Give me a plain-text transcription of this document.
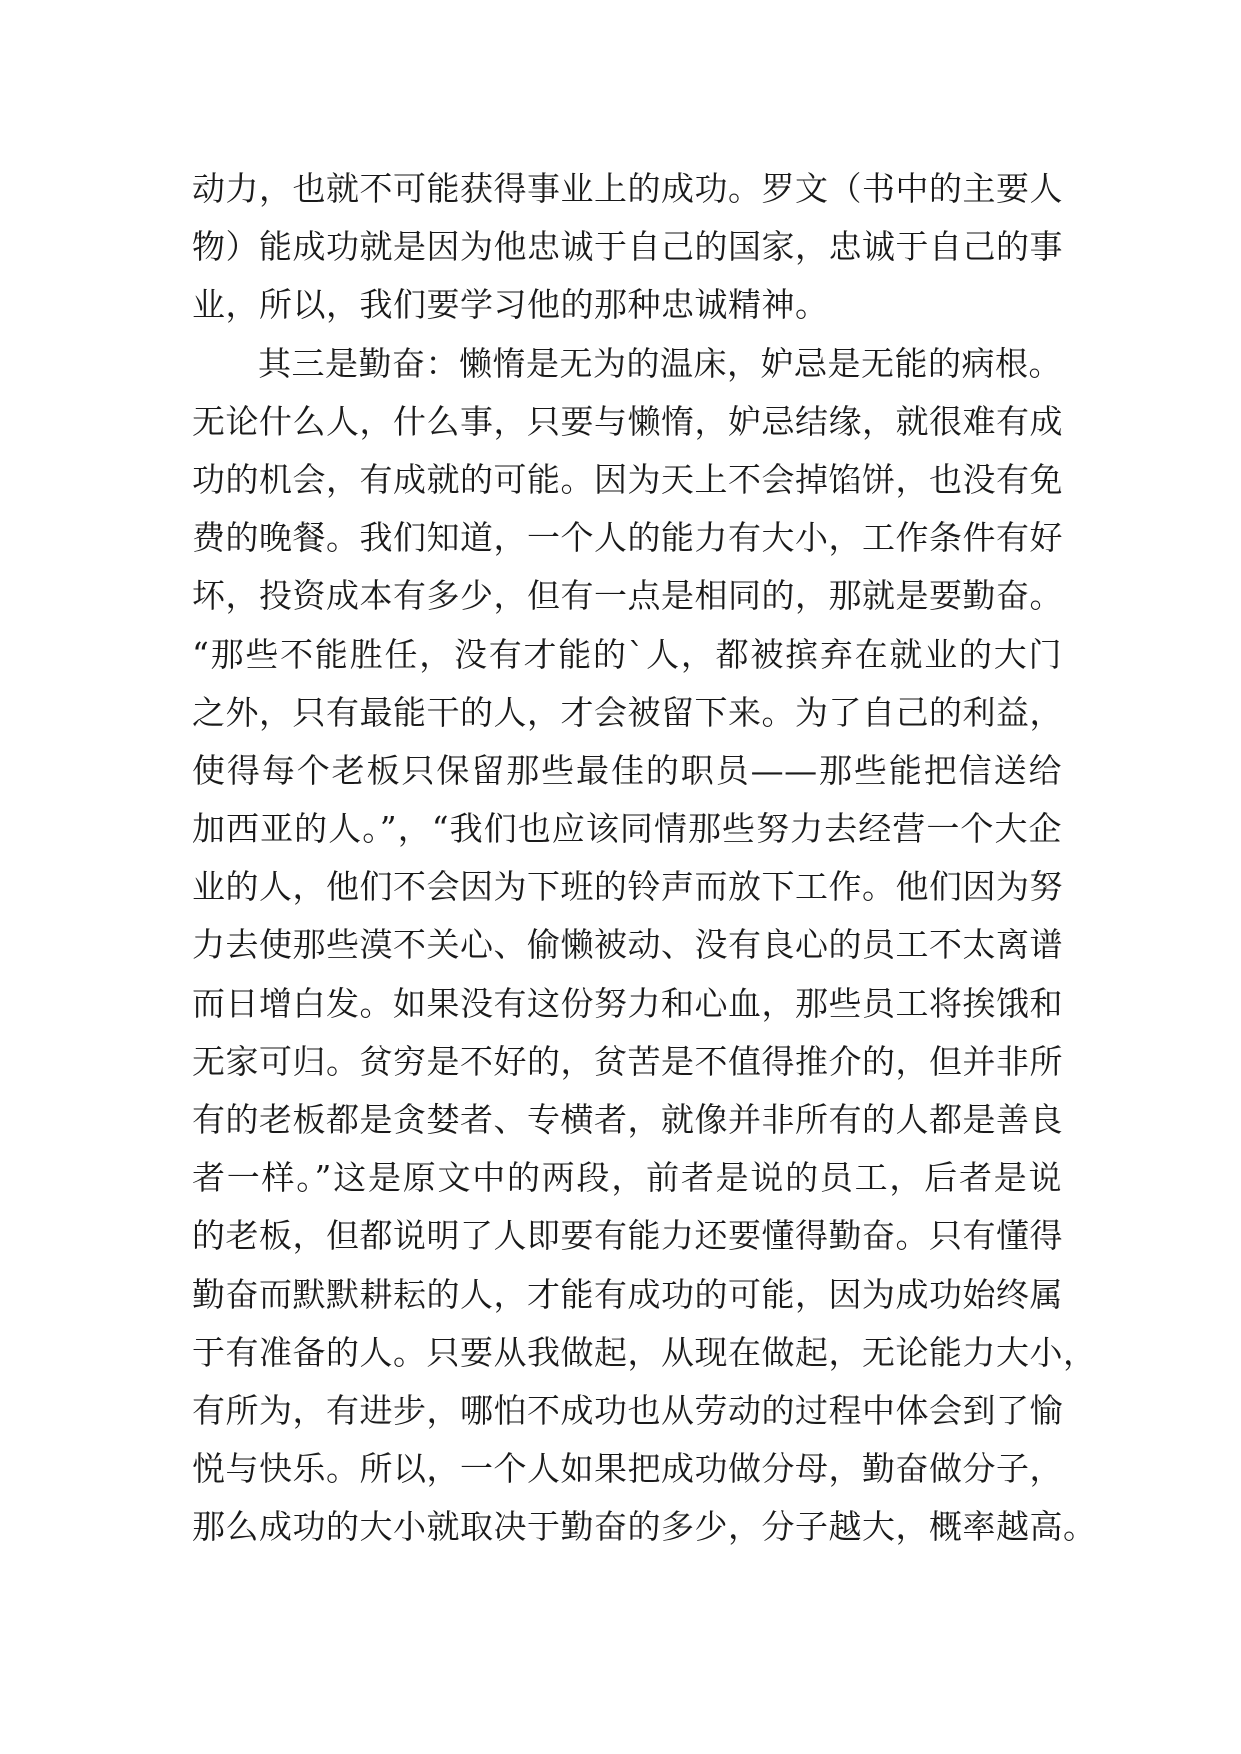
动力，也就不可能获得事业上的成功。罗文（书中的主要人
物）能成功就是因为他忠诚于自己的国家，忠诚于自己的事
业，所以，我们要学习他的那种忠诚精神。
其三是勤奋：懒惰是无为的温床，妒忌是无能的病根。
无论什么人，什么事，只要与懒惰，妒忌结缘，就很难有成
功的机会，有成就的可能。因为天上不会掉馅饼，也没有免
费的晚餐。我们知道，一个人的能力有大小，工作条件有好
坏，投资成本有多少，但有一点是相同的，那就是要勤奋。
“那些不能胜任，没有才能的`人，都被摈弃在就业的大门
之外，只有最能干的人，才会被留下来。为了自己的利益，
使得每个老板只保留那些最佳的职员——那些能把信送给
加西亚的人。”，“我们也应该同情那些努力去经营一个大企
业的人，他们不会因为下班的铃声而放下工作。他们因为努
力去使那些漠不关心、偷懒被动、没有良心的员工不太离谱
而日增白发。如果没有这份努力和心血，那些员工将挨饿和
无家可归。贫穷是不好的，贫苦是不值得推介的，但并非所
有的老板都是贪婪者、专横者，就像并非所有的人都是善良
者一样。”这是原文中的两段，前者是说的员工，后者是说
的老板，但都说明了人即要有能力还要懂得勤奋。只有懂得
勤奋而默默耕耘的人，才能有成功的可能，因为成功始终属
于有准备的人。只要从我做起，从现在做起，无论能力大小，
有所为，有进步，哪怕不成功也从劳动的过程中体会到了愉
悦与快乐。所以，一个人如果把成功做分母，勤奋做分子，
那么成功的大小就取决于勤奋的多少，分子越大，概率越高。
